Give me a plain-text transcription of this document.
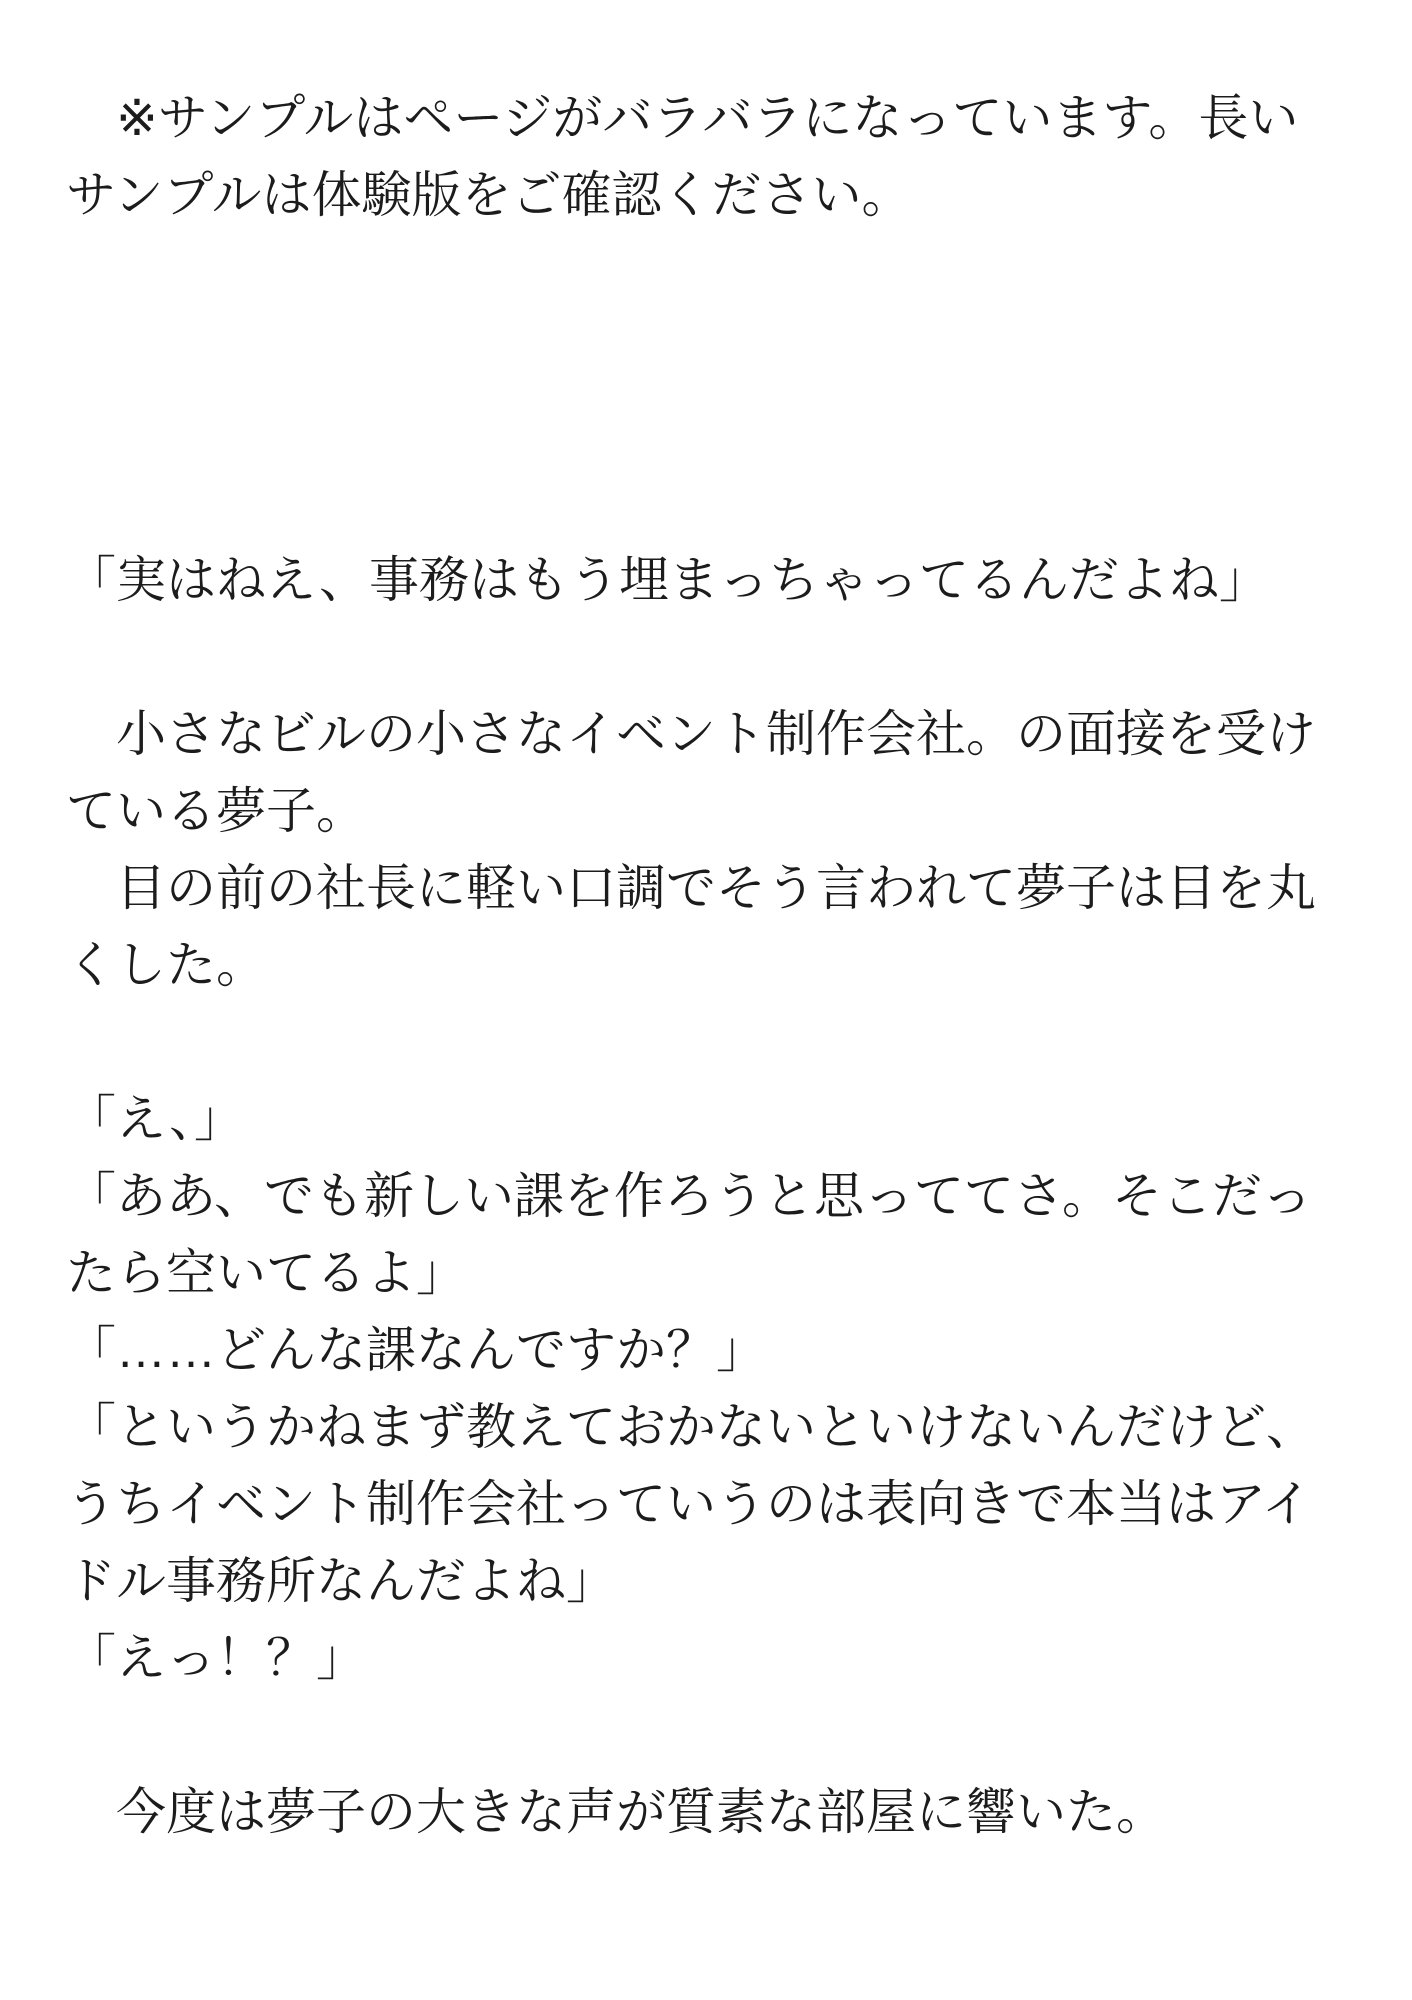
※サンプルはページがバラバラになっています。長い
サンプルは体験版をご確認ください。
「実はねえ、事務はもう埋まっちゃってるんだよね」
小さなビルの小さなイベント制作会社。の面接を受け
ている夢子。
目の前の社長に軽い口調でそう言われて夢子は目を丸
くした。
「え、」
「ああ、でも新しい課を作ろうと思っててさ。そこだっ
たら空いてるよ」
「……どんな課なんですか？」
「というかねまず教えておかないといけないんだけど、
うちイベント制作会社っていうのは表向きで本当はアイ
ドル事務所なんだよね」
「えっ！？」
今度は夢子の大きな声が質素な部屋に響いた。
